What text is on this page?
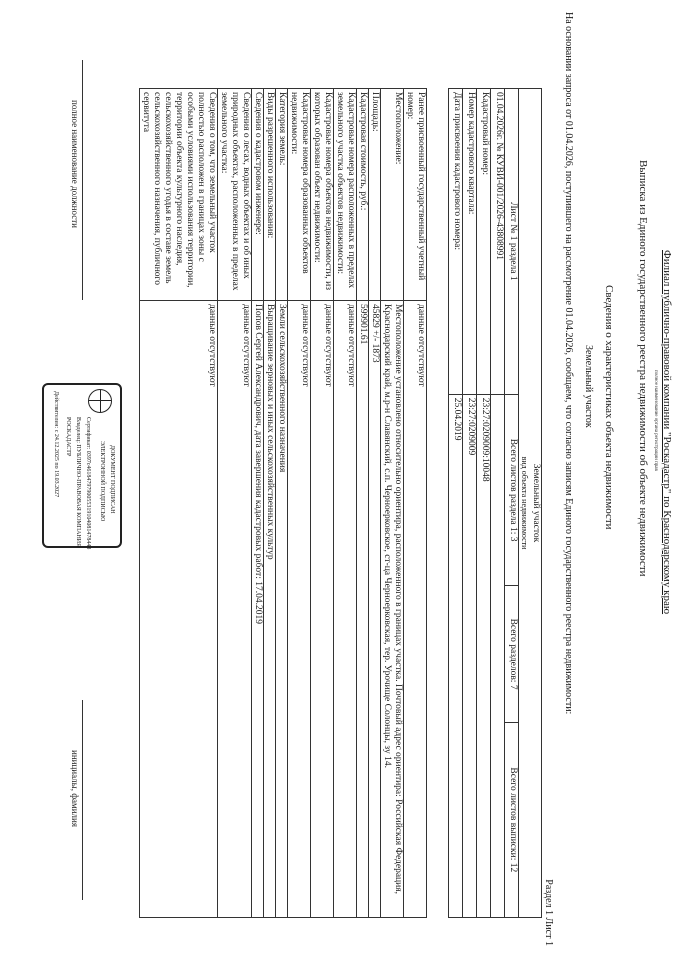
Филиал публично-правовой компании "Роскадастр" по Краснодарскому краю
полное наименование органа регистрации прав
Выписка из Единого государственного реестра недвижимости об объекте недвижимости
Сведения о характеристиках объекта недвижимости
Земельный участок
На основании запроса от 01.04.2026, поступившего на рассмотрение 01.04.2026, сообщаем, что согласно записям Единого государственного реестра недвижимости:
Раздел 1 Лист 1
Земельный участок
вид объекта недвижимости			

Лист № 1 раздела 1	Всего листов раздела 1: 3	Всего разделов: 7	Всего листов выписки: 12
01.04.2026г. № КУВИ-001/2026-43808991			
Кадастровый номер:	23:27:0209009:10048		
Номер кадастрового квартала:	23:27:0209009		
Дата присвоения кадастрового номера:	25.04.2019		
Ранее присвоенный государственный учетный номер:	данные отсутствуют
Местоположение:	Местоположение установлено относительно ориентира, расположенного в границах участка. Почтовый адрес ориентира: Российская Федерация, Краснодарский край, м.р-н Славянский, с.п. Черноерковское, ст-ца Черноерковская, тер. Урочище Солонцы, зу 14.
Площадь:	45829 +/- 1873
Кадастровая стоимость, руб.:	599901.61
Кадастровые номера расположенных в пределах земельного участка объектов недвижимости:	данные отсутствуют
Кадастровые номера объектов недвижимости, из которых образован объект недвижимости:	данные отсутствуют
Кадастровые номера образованных объектов недвижимости:	данные отсутствуют
Категория земель:	Земли сельскохозяйственного назначения
Виды разрешенного использования:	Выращивание зерновых и иных сельскохозяйственных культур
Сведения о кадастровом инженере:	Попов Сергей Александрович, дата завершения кадастровых работ: 17.04.2019
Сведения о лесах, водных объектах и об иных природных объектах, расположенных в пределах земельного участка:	данные отсутствуют
Сведения о том, что земельный участок полностью расположен в границах зоны с особыми условиями использования территории, территории объекта культурного наследия, сельскохозяйственного угодья в составе земель сельскохозяйственного назначения, публичного сервитута	данные отсутствуют
ДОКУМЕНТ ПОДПИСАН
ЭЛЕКТРОННОЙ ПОДПИСЬЮ
Сертификат: 0397c4618479790055319104081478443
Владелец: ПУБЛИЧНО-ПРАВОВАЯ КОМПАНИЯ
РОСКАДАСТР
Действителен: с 24.12.2025 по 19.03.2027
полное наименование должности
инициалы, фамилия
